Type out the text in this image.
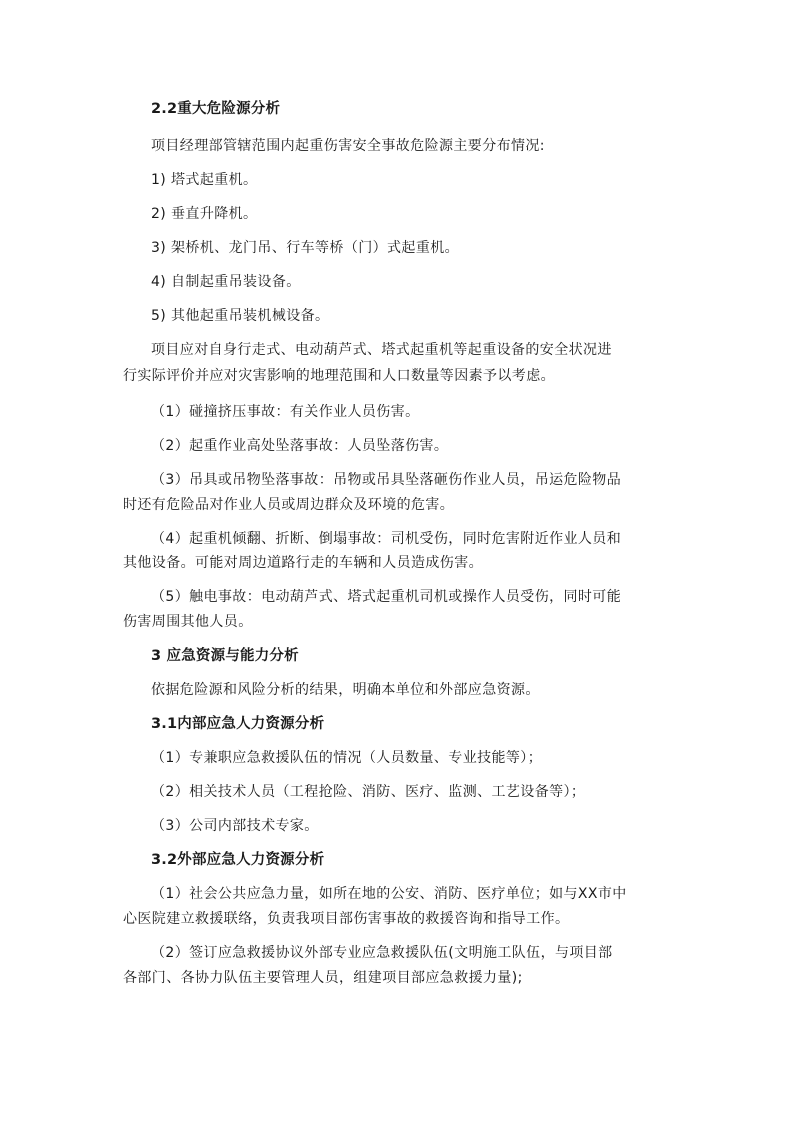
2.2重大危险源分析
项目经理部管辖范围内起重伤害安全事故危险源主要分布情况:
1) 塔式起重机。
2) 垂直升降机。
3) 架桥机、龙门吊、行车等桥（门）式起重机。
4) 自制起重吊装设备。
5) 其他起重吊装机械设备。
项目应对自身行走式、电动葫芦式、塔式起重机等起重设备的安全状况进
行实际评价并应对灾害影响的地理范围和人口数量等因素予以考虑。
（1）碰撞挤压事故：有关作业人员伤害。
（2）起重作业高处坠落事故：人员坠落伤害。
（3）吊具或吊物坠落事故：吊物或吊具坠落砸伤作业人员，吊运危险物品
时还有危险品对作业人员或周边群众及环境的危害。
（4）起重机倾翻、折断、倒塌事故：司机受伤，同时危害附近作业人员和
其他设备。可能对周边道路行走的车辆和人员造成伤害。
（5）触电事故：电动葫芦式、塔式起重机司机或操作人员受伤，同时可能
伤害周围其他人员。
3 应急资源与能力分析
依据危险源和风险分析的结果，明确本单位和外部应急资源。
3.1内部应急人力资源分析
（1）专兼职应急救援队伍的情况（人员数量、专业技能等）；
（2）相关技术人员（工程抢险、消防、医疗、监测、工艺设备等）；
（3）公司内部技术专家。
3.2外部应急人力资源分析
（1）社会公共应急力量，如所在地的公安、消防、医疗单位；如与XX市中
心医院建立救援联络，负责我项目部伤害事故的救援咨询和指导工作。
（2）签订应急救援协议外部专业应急救援队伍(文明施工队伍，与项目部
各部门、各协力队伍主要管理人员，组建项目部应急救援力量);
